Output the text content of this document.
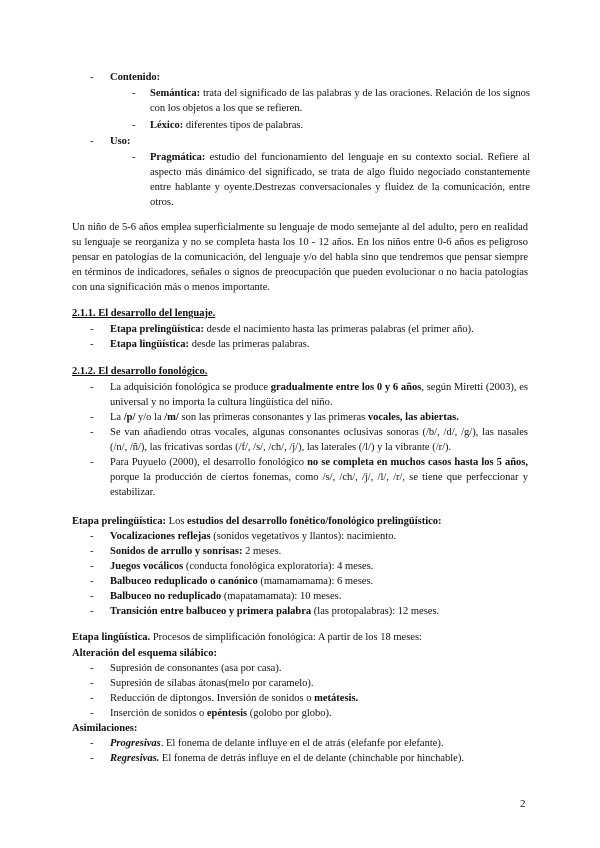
- Contenido:
- Semántica: trata del significado de las palabras y de las oraciones. Relación de los signos con los objetos a los que se refieren.
- Léxico: diferentes tipos de palabras.
- Uso:
- Pragmática: estudio del funcionamiento del lenguaje en su contexto social. Refiere al aspecto más dinámico del significado, se trata de algo fluido negociado constantemente entre hablante y oyente.Destrezas conversacionales y fluidez de la comunicación, entre otros.
Un niño de 5-6 años emplea superficialmente su lenguaje de modo semejante al del adulto, pero en realidad su lenguaje se reorganiza y no se completa hasta los 10 - 12 años. En los niños entre 0-6 años es peligroso pensar en patologías de la comunicación, del lenguaje y/o del habla sino que tendremos que pensar siempre en términos de indicadores, señales o signos de preocupación que pueden evolucionar o no hacia patologías con una significación más o menos importante.
2.1.1. El desarrollo del lenguaje.
- Etapa prelingüística: desde el nacimiento hasta las primeras palabras (el primer año).
- Etapa lingüística: desde las primeras palabras.
2.1.2. El desarrollo fonológico.
- La adquisición fonológica se produce gradualmente entre los 0 y 6 años, según Miretti (2003), es universal y no importa la cultura lingüística del niño.
- La /p/ y/o la /m/ son las primeras consonantes y las primeras vocales, las abiertas.
- Se van añadiendo otras vocales, algunas consonantes oclusivas sonoras (/b/, /d/, /g/), las nasales (/n/, /ñ/), las fricativas sordas (/f/, /s/, /ch/, /j/), las laterales (/l/) y la vibrante (/r/).
- Para Puyuelo (2000), el desarrollo fonológico no se completa en muchos casos hasta los 5 años, porque la producción de ciertos fonemas, como /s/, /ch/, /j/, /l/, /r/, se tiene que perfeccionar y estabilizar.
Etapa prelingüística: Los estudios del desarrollo fonético/fonológico prelingüístico:
- Vocalizaciones reflejas (sonidos vegetativos y llantos): nacimiento.
- Sonidos de arrullo y sonrisas: 2 meses.
- Juegos vocálicos (conducta fonológica exploratoria): 4 meses.
- Balbuceo reduplicado o canónico (mamamamama): 6 meses.
- Balbuceo no reduplicado (mapatamamata): 10 meses.
- Transición entre balbuceo y primera palabra (las protopalabras): 12 meses.
Etapa lingüística. Procesos de simplificación fonológica: A partir de los 18 meses:
Alteración del esquema silábico:
- Supresión de consonantes (asa por casa).
- Supresión de sílabas átonas(melo por caramelo).
- Reducción de diptongos. Inversión de sonidos o metátesis.
- Inserción de sonidos o epéntesis (golobo por globo).
Asimilaciones:
- Progresivas. El fonema de delante influye en el de atrás (elefanfe por elefante).
- Regresivas. El fonema de detrás influye en el de delante (chinchable por hinchable).
2
